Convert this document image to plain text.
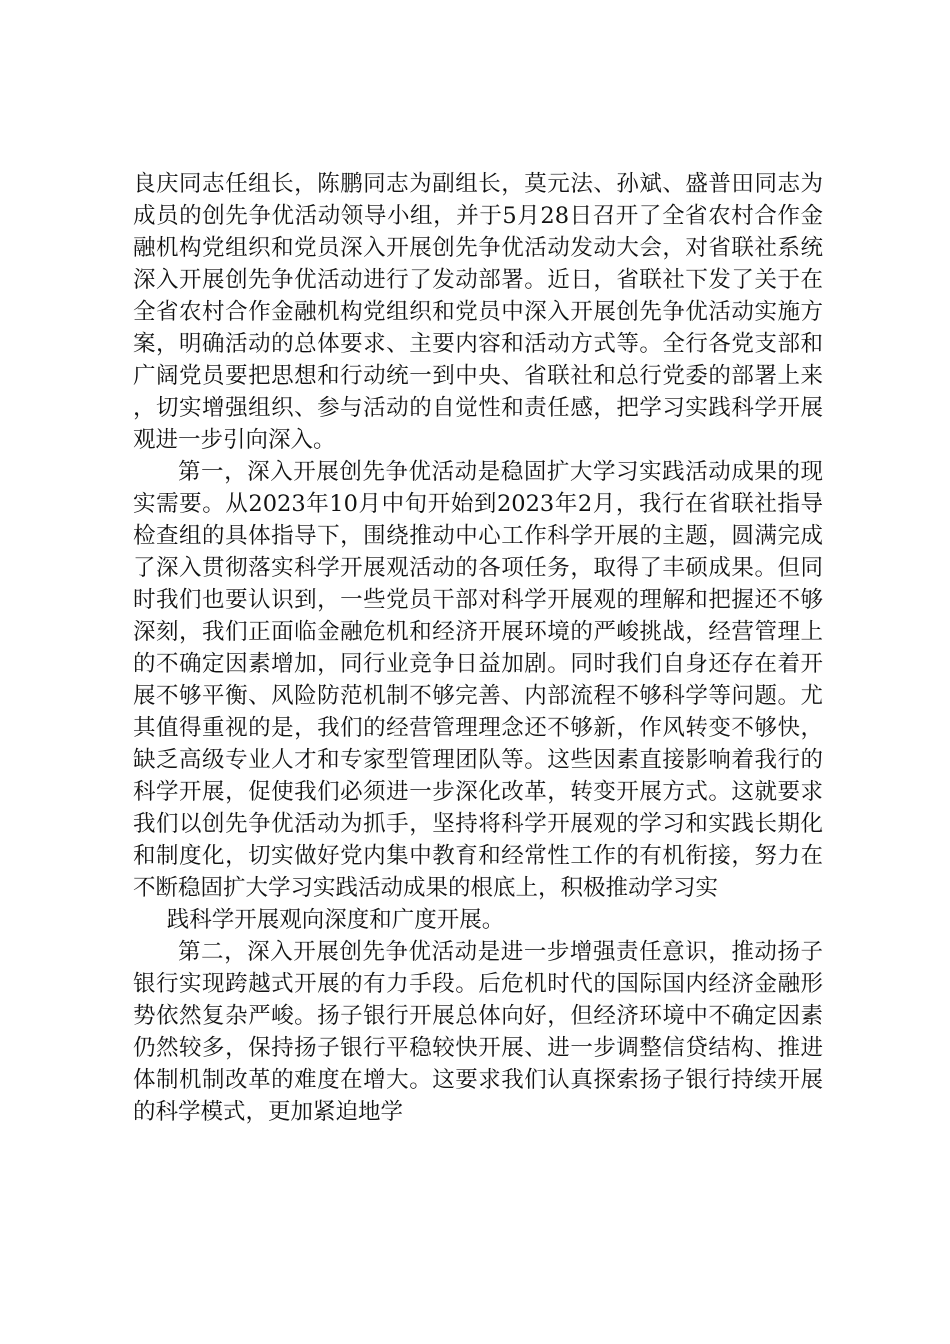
良庆同志任组长，陈鹏同志为副组长，莫元法、孙斌、盛普田同志为成员的创先争优活动领导小组，并于5月28日召开了全省农村合作金融机构党组织和党员深入开展创先争优活动发动大会，对省联社系统深入开展创先争优活动进行了发动部署。近日，省联社下发了关于在全省农村合作金融机构党组织和党员中深入开展创先争优活动实施方案，明确活动的总体要求、主要内容和活动方式等。全行各党支部和广阔党员要把思想和行动统一到中央、省联社和总行党委的部署上来，切实增强组织、参与活动的自觉性和责任感，把学习实践科学开展观进一步引向深入。

第一，深入开展创先争优活动是稳固扩大学习实践活动成果的现实需要。从2023年10月中旬开始到2023年2月，我行在省联社指导检查组的具体指导下，围绕推动中心工作科学开展的主题，圆满完成了深入贯彻落实科学开展观活动的各项任务，取得了丰硕成果。但同时我们也要认识到，一些党员干部对科学开展观的理解和把握还不够深刻，我们正面临金融危机和经济开展环境的严峻挑战，经营管理上的不确定因素增加，同行业竞争日益加剧。同时我们自身还存在着开展不够平衡、风险防范机制不够完善、内部流程不够科学等问题。尤其值得重视的是，我们的经营管理理念还不够新，作风转变不够快，缺乏高级专业人才和专家型管理团队等。这些因素直接影响着我行的科学开展，促使我们必须进一步深化改革，转变开展方式。这就要求我们以创先争优活动为抓手，坚持将科学开展观的学习和实践长期化和制度化，切实做好党内集中教育和经常性工作的有机衔接，努力在不断稳固扩大学习实践活动成果的根底上，积极推动学习实

践科学开展观向深度和广度开展。

第二，深入开展创先争优活动是进一步增强责任意识，推动扬子银行实现跨越式开展的有力手段。后危机时代的国际国内经济金融形势依然复杂严峻。扬子银行开展总体向好，但经济环境中不确定因素仍然较多，保持扬子银行平稳较快开展、进一步调整信贷结构、推进体制机制改革的难度在增大。这要求我们认真探索扬子银行持续开展的科学模式，更加紧迫地学
